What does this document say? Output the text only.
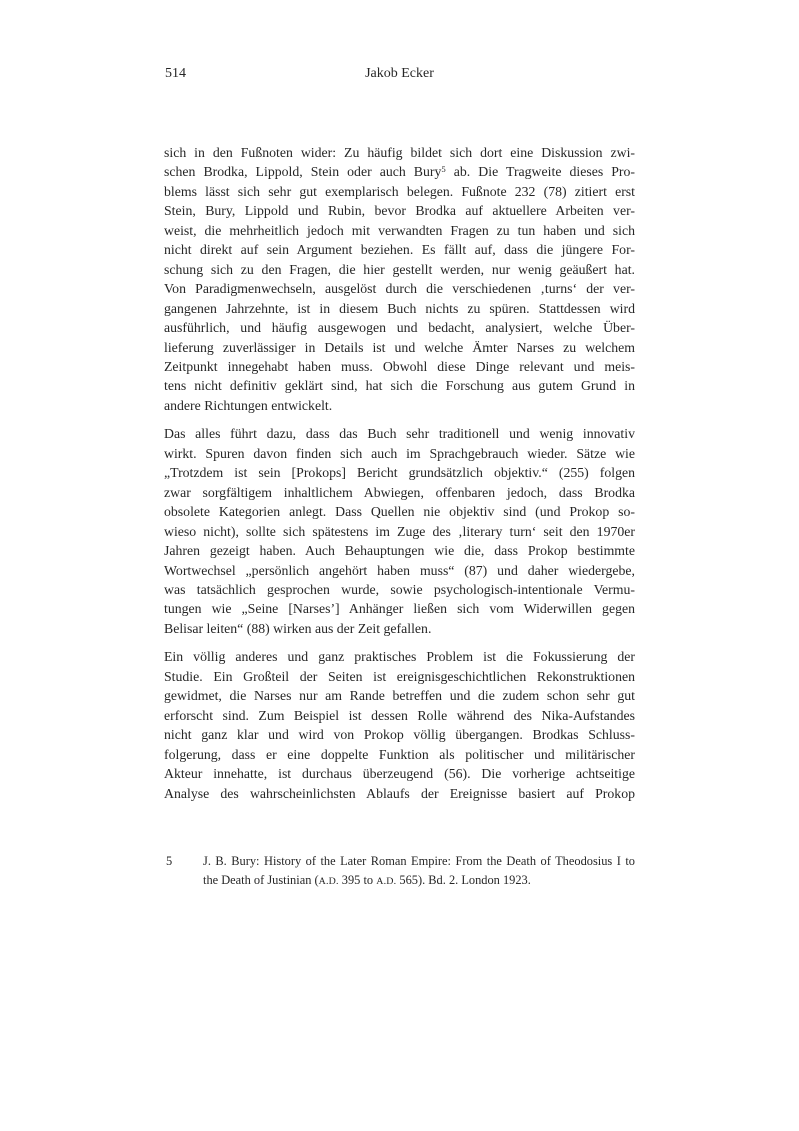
514	Jakob Ecker
sich in den Fußnoten wider: Zu häufig bildet sich dort eine Diskussion zwi-
schen Brodka, Lippold, Stein oder auch Bury$^5$ ab. Die Tragweite dieses Pro-
blems lässt sich sehr gut exemplarisch belegen. Fußnote 232 (78) zitiert erst
Stein, Bury, Lippold und Rubin, bevor Brodka auf aktuellere Arbeiten ver-
weist, die mehrheitlich jedoch mit verwandten Fragen zu tun haben und sich
nicht direkt auf sein Argument beziehen. Es fällt auf, dass die jüngere For-
schung sich zu den Fragen, die hier gestellt werden, nur wenig geäußert hat.
Von Paradigmenwechseln, ausgelöst durch die verschiedenen ‚turns‘ der ver-
gangenen Jahrzehnte, ist in diesem Buch nichts zu spüren. Stattdessen wird
ausführlich, und häufig ausgewogen und bedacht, analysiert, welche Über-
lieferung zuverlässiger in Details ist und welche Ämter Narses zu welchem
Zeitpunkt innegehabt haben muss. Obwohl diese Dinge relevant und meis-
tens nicht definitiv geklärt sind, hat sich die Forschung aus gutem Grund in
andere Richtungen entwickelt.
Das alles führt dazu, dass das Buch sehr traditionell und wenig innovativ
wirkt. Spuren davon finden sich auch im Sprachgebrauch wieder. Sätze wie
„Trotzdem ist sein [Prokops] Bericht grundsätzlich objektiv.“ (255) folgen
zwar sorgfältigem inhaltlichem Abwiegen, offenbaren jedoch, dass Brodka
obsolete Kategorien anlegt. Dass Quellen nie objektiv sind (und Prokop so-
wieso nicht), sollte sich spätestens im Zuge des ‚literary turn‘ seit den 1970er
Jahren gezeigt haben. Auch Behauptungen wie die, dass Prokop bestimmte
Wortwechsel „persönlich angehört haben muss“ (87) und daher wiedergebe,
was tatsächlich gesprochen wurde, sowie psychologisch-intentionale Vermu-
tungen wie „Seine [Narses’] Anhänger ließen sich vom Widerwillen gegen
Belisar leiten“ (88) wirken aus der Zeit gefallen.
Ein völlig anderes und ganz praktisches Problem ist die Fokussierung der
Studie. Ein Großteil der Seiten ist ereignisgeschichtlichen Rekonstruktionen
gewidmet, die Narses nur am Rande betreffen und die zudem schon sehr gut
erforscht sind. Zum Beispiel ist dessen Rolle während des Nika-Aufstandes
nicht ganz klar und wird von Prokop völlig übergangen. Brodkas Schluss-
folgerung, dass er eine doppelte Funktion als politischer und militärischer
Akteur innehatte, ist durchaus überzeugend (56). Die vorherige achtseitige
Analyse des wahrscheinlichsten Ablaufs der Ereignisse basiert auf Prokop
5 J. B. Bury: History of the Later Roman Empire: From the Death of Theodosius I to
the Death of Justinian (A.D. 395 to A.D. 565). Bd. 2. London 1923.
